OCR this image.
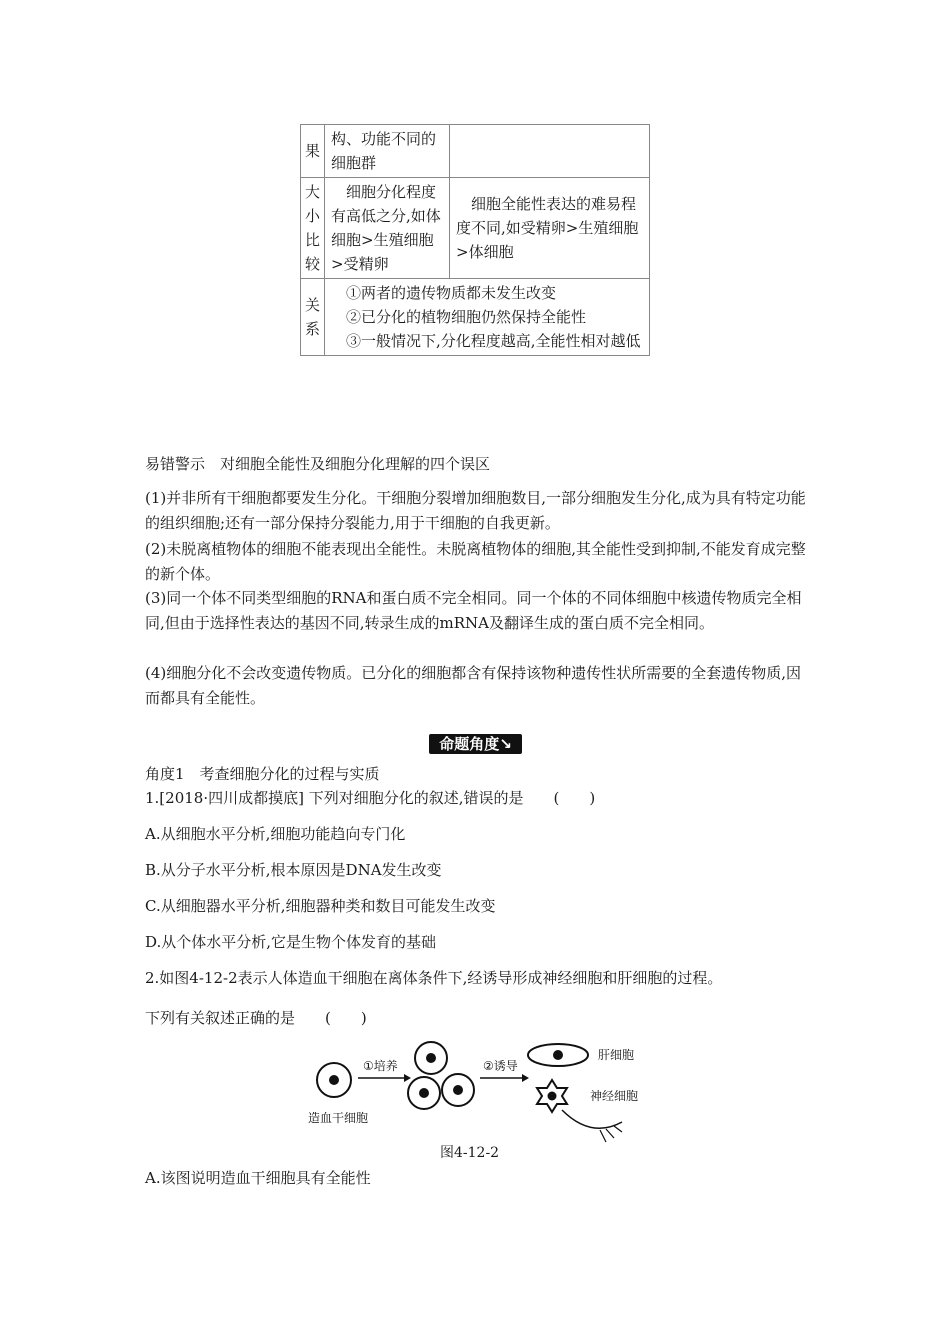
果	构、功能不同的细胞群	
大小比较	细胞分化程度有高低之分,如体细胞>生殖细胞>受精卵	细胞全能性表达的难易程度不同,如受精卵>生殖细胞>体细胞
关系	①两者的遗传物质都未发生改变
②已分化的植物细胞仍然保持全能性
③一般情况下,分化程度越高,全能性相对越低	
易错警示　对细胞全能性及细胞分化理解的四个误区
(1)并非所有干细胞都要发生分化。干细胞分裂增加细胞数目,一部分细胞发生分化,成为具有特定功能的组织细胞;还有一部分保持分裂能力,用于干细胞的自我更新。
(2)未脱离植物体的细胞不能表现出全能性。未脱离植物体的细胞,其全能性受到抑制,不能发育成完整的新个体。
(3)同一个体不同类型细胞的RNA和蛋白质不完全相同。同一个体的不同体细胞中核遗传物质完全相同,但由于选择性表达的基因不同,转录生成的mRNA及翻译生成的蛋白质不完全相同。
(4)细胞分化不会改变遗传物质。已分化的细胞都含有保持该物种遗传性状所需要的全套遗传物质,因而都具有全能性。
命题角度↘
角度1　考查细胞分化的过程与实质
1.[2018·四川成都摸底] 下列对细胞分化的叙述,错误的是　　(　　)
A.从细胞水平分析,细胞功能趋向专门化
B.从分子水平分析,根本原因是DNA发生改变
C.从细胞器水平分析,细胞器种类和数目可能发生改变
D.从个体水平分析,它是生物个体发育的基础
2.如图4-12-2表示人体造血干细胞在离体条件下,经诱导形成神经细胞和肝细胞的过程。
下列有关叙述正确的是　　(　　)
造血干细胞
①培养	②诱导
肝细胞
神经细胞
图4-12-2
A.该图说明造血干细胞具有全能性
